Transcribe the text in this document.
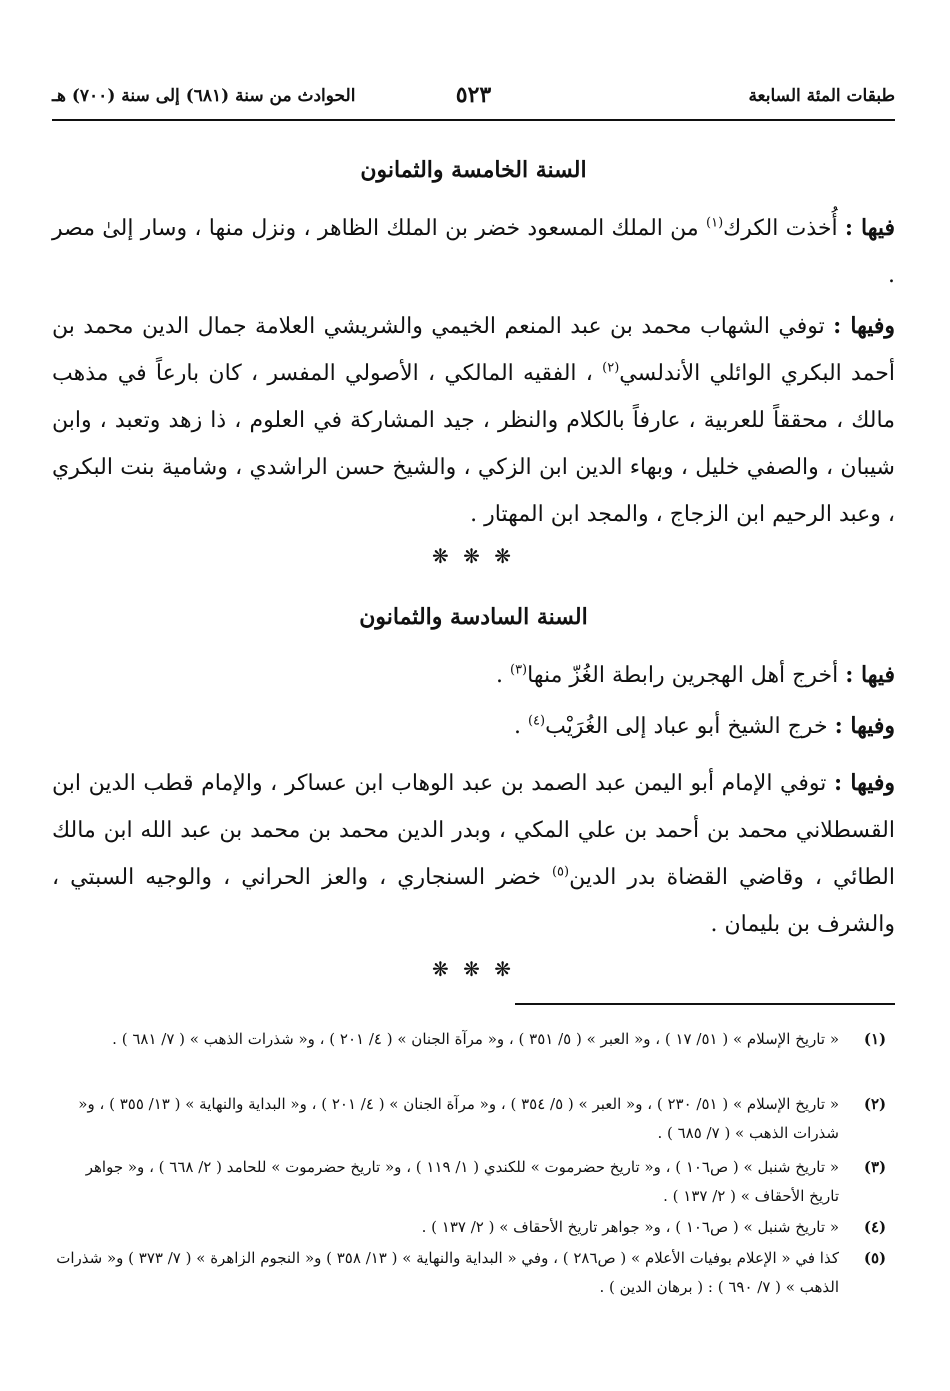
طبقات المئة السابعة
٥٢٣
الحوادث من سنة (٦٨١) إلى سنة (٧٠٠) هـ
السنة الخامسة والثمانون
فيها : أُخذت الكرك$^{(١)}$ من الملك المسعود خضر بن الملك الظاهر ، ونزل منها ، وسار إلىٰ مصر .
وفيها : توفي الشهاب محمد بن عبد المنعم الخيمي والشريشي العلامة جمال الدين محمد بن أحمد البكري الوائلي الأندلسي$^{(٢)}$ ، الفقيه المالكي ، الأصولي المفسر ، كان بارعاً في مذهب مالك ، محققاً للعربية ، عارفاً بالكلام والنظر ، جيد المشاركة في العلوم ، ذا زهد وتعبد ، وابن شيبان ، والصفي خليل ، وبهاء الدين ابن الزكي ، والشيخ حسن الراشدي ، وشامية بنت البكري ، وعبد الرحيم ابن الزجاج ، والمجد ابن المهتار .
❋ ❋ ❋
السنة السادسة والثمانون
فيها : أخرج أهل الهجرين رابطة الغُزّ منها$^{(٣)}$ .
وفيها : خرج الشيخ أبو عباد إلى الغُرَيْب$^{(٤)}$ .
وفيها : توفي الإمام أبو اليمن عبد الصمد بن عبد الوهاب ابن عساكر ، والإمام قطب الدين ابن القسطلاني محمد بن أحمد بن علي المكي ، وبدر الدين محمد بن محمد بن عبد الله ابن مالك الطائي ، وقاضي القضاة بدر الدين$^{(٥)}$ خضر السنجاري ، والعز الحراني ، والوجيه السبتي ، والشرف بن بليمان .
❋ ❋ ❋
(١)
« تاريخ الإسلام » ( ٥١/ ١٧ ) ، و« العبر » ( ٥/ ٣٥١ ) ، و« مرآة الجنان » ( ٤/ ٢٠١ ) ، و« شذرات الذهب » ( ٧/ ٦٨١ ) .
(٢)
« تاريخ الإسلام » ( ٥١/ ٢٣٠ ) ، و« العبر » ( ٥/ ٣٥٤ ) ، و« مرآة الجنان » ( ٤/ ٢٠١ ) ، و« البداية والنهاية » ( ١٣/ ٣٥٥ ) ، و« شذرات الذهب » ( ٧/ ٦٨٥ ) .
(٣)
« تاريخ شنبل » ( ص١٠٦ ) ، و« تاريخ حضرموت » للكندي ( ١/ ١١٩ ) ، و« تاريخ حضرموت » للحامد ( ٢/ ٦٦٨ ) ، و« جواهر تاريخ الأحقاف » ( ٢/ ١٣٧ ) .
(٤)
« تاريخ شنبل » ( ص١٠٦ ) ، و« جواهر تاريخ الأحقاف » ( ٢/ ١٣٧ ) .
(٥)
كذا في « الإعلام بوفيات الأعلام » ( ص٢٨٦ ) ، وفي « البداية والنهاية » ( ١٣/ ٣٥٨ ) و« النجوم الزاهرة » ( ٧/ ٣٧٣ ) و« شذرات الذهب » ( ٧/ ٦٩٠ ) : ( برهان الدين ) .
